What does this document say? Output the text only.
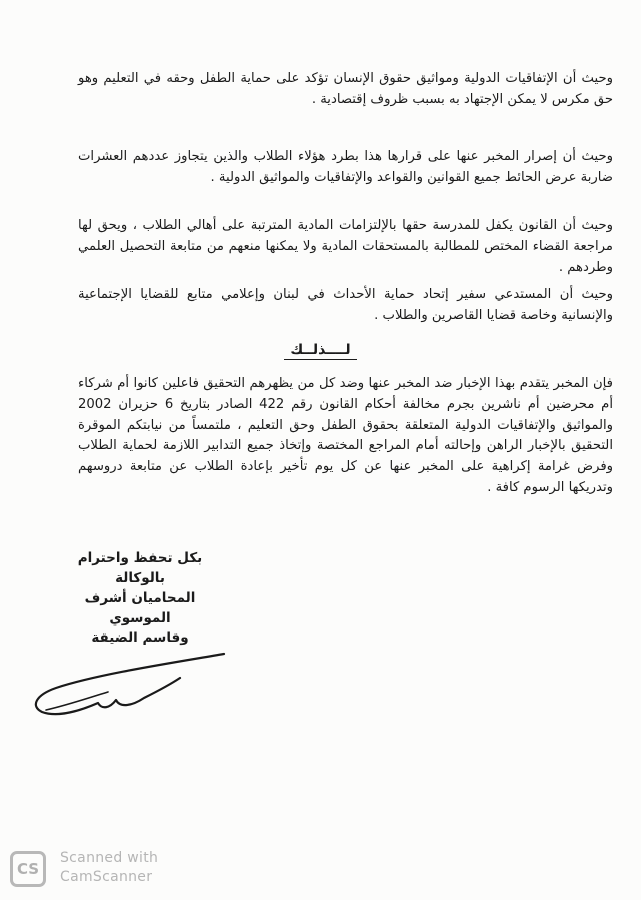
وحيث أن الإتفاقيات الدولية ومواثيق حقوق الإنسان تؤكد على حماية الطفل وحقه في التعليم وهو حق مكرس لا يمكن الإجتهاد به بسبب ظروف إقتصادية .

وحيث أن إصرار المخبر عنها على قرارها هذا بطرد هؤلاء الطلاب والذين يتجاوز عددهم العشرات ضاربة عرض الحائط جميع القوانين والقواعد والإتفاقيات والمواثيق الدولية .

وحيث أن القانون يكفل للمدرسة حقها بالإلتزامات المادية المترتبة على أهالي الطلاب ، ويحق لها مراجعة القضاء المختص للمطالبة بالمستحقات المادية ولا يمكنها منعهم من متابعة التحصيل العلمي وطردهم .

وحيث أن المستدعي سفير إتحاد حماية الأحداث في لبنان وإعلامي متابع للقضايا الإجتماعية والإنسانية وخاصة قضايا القاصرين والطلاب .

لــــذلــك

فإن المخبر يتقدم بهذا الإخبار ضد المخبر عنها وضد كل من يظهرهم التحقيق فاعلين كانوا أم شركاء أم محرضين أم ناشرين بجرم مخالفة أحكام القانون رقم 422 الصادر بتاريخ 6 حزيران 2002 والمواثيق والإتفاقيات الدولية المتعلقة بحقوق الطفل وحق التعليم ، ملتمساً من نيابتكم الموقرة التحقيق بالإخبار الراهن وإحالته أمام المراجع المختصة وإتخاذ جميع التدابير اللازمة لحماية الطلاب وفرض غرامة إكراهية على المخبر عنها عن كل يوم تأخير بإعادة الطلاب عن متابعة دروسهم وتدريكها الرسوم كافة .

بكل تحفظ واحترام
بالوكالة
المحاميان أشرف الموسوي
وقاسم الضيقة
CS
Scanned with
CamScanner
